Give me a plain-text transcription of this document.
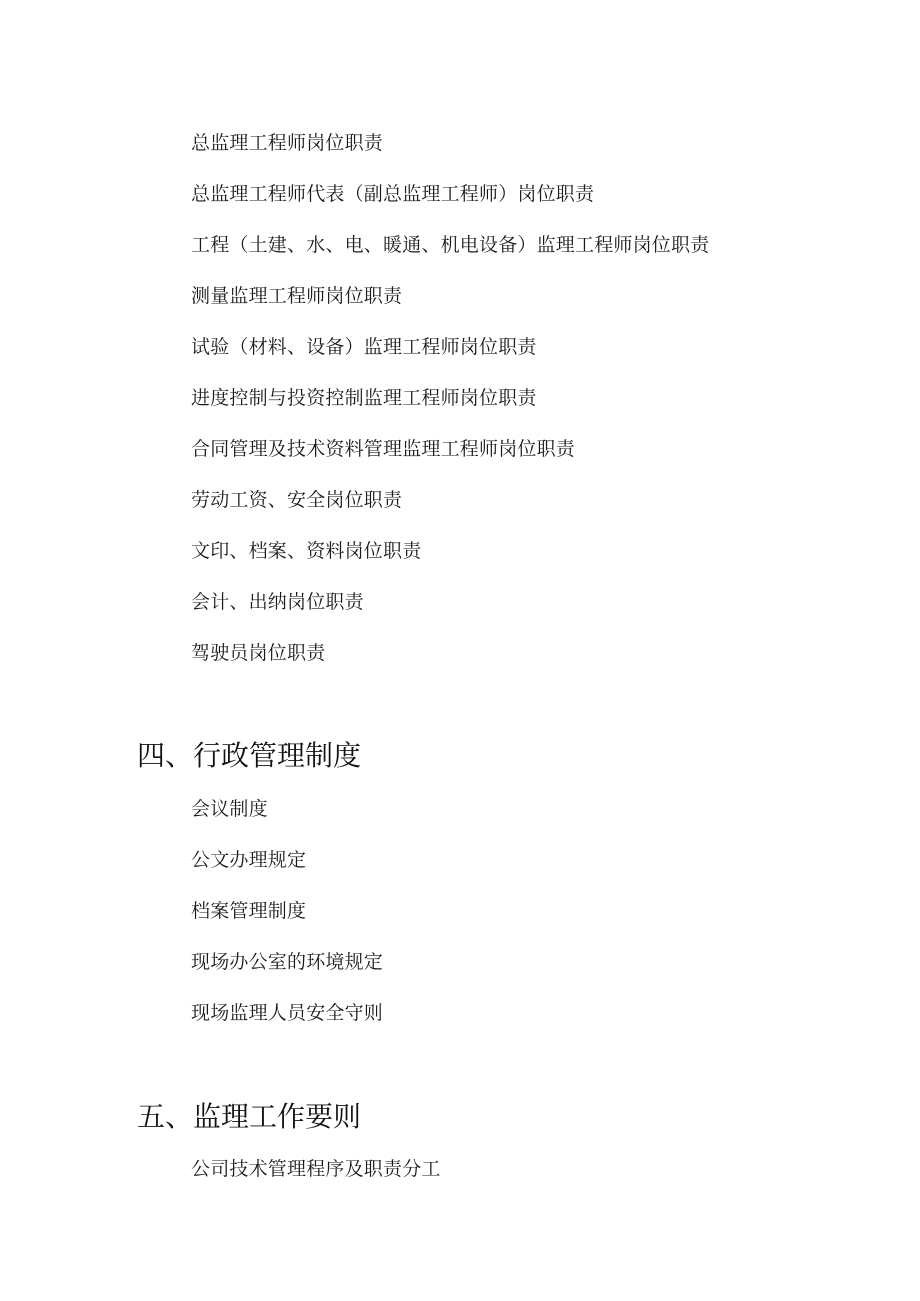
总监理工程师岗位职责
总监理工程师代表（副总监理工程师）岗位职责
工程（土建、水、电、暖通、机电设备）监理工程师岗位职责
测量监理工程师岗位职责
试验（材料、设备）监理工程师岗位职责
进度控制与投资控制监理工程师岗位职责
合同管理及技术资料管理监理工程师岗位职责
劳动工资、安全岗位职责
文印、档案、资料岗位职责
会计、出纳岗位职责
驾驶员岗位职责
四、行政管理制度
会议制度
公文办理规定
档案管理制度
现场办公室的环境规定
现场监理人员安全守则
五、监理工作要则
公司技术管理程序及职责分工
